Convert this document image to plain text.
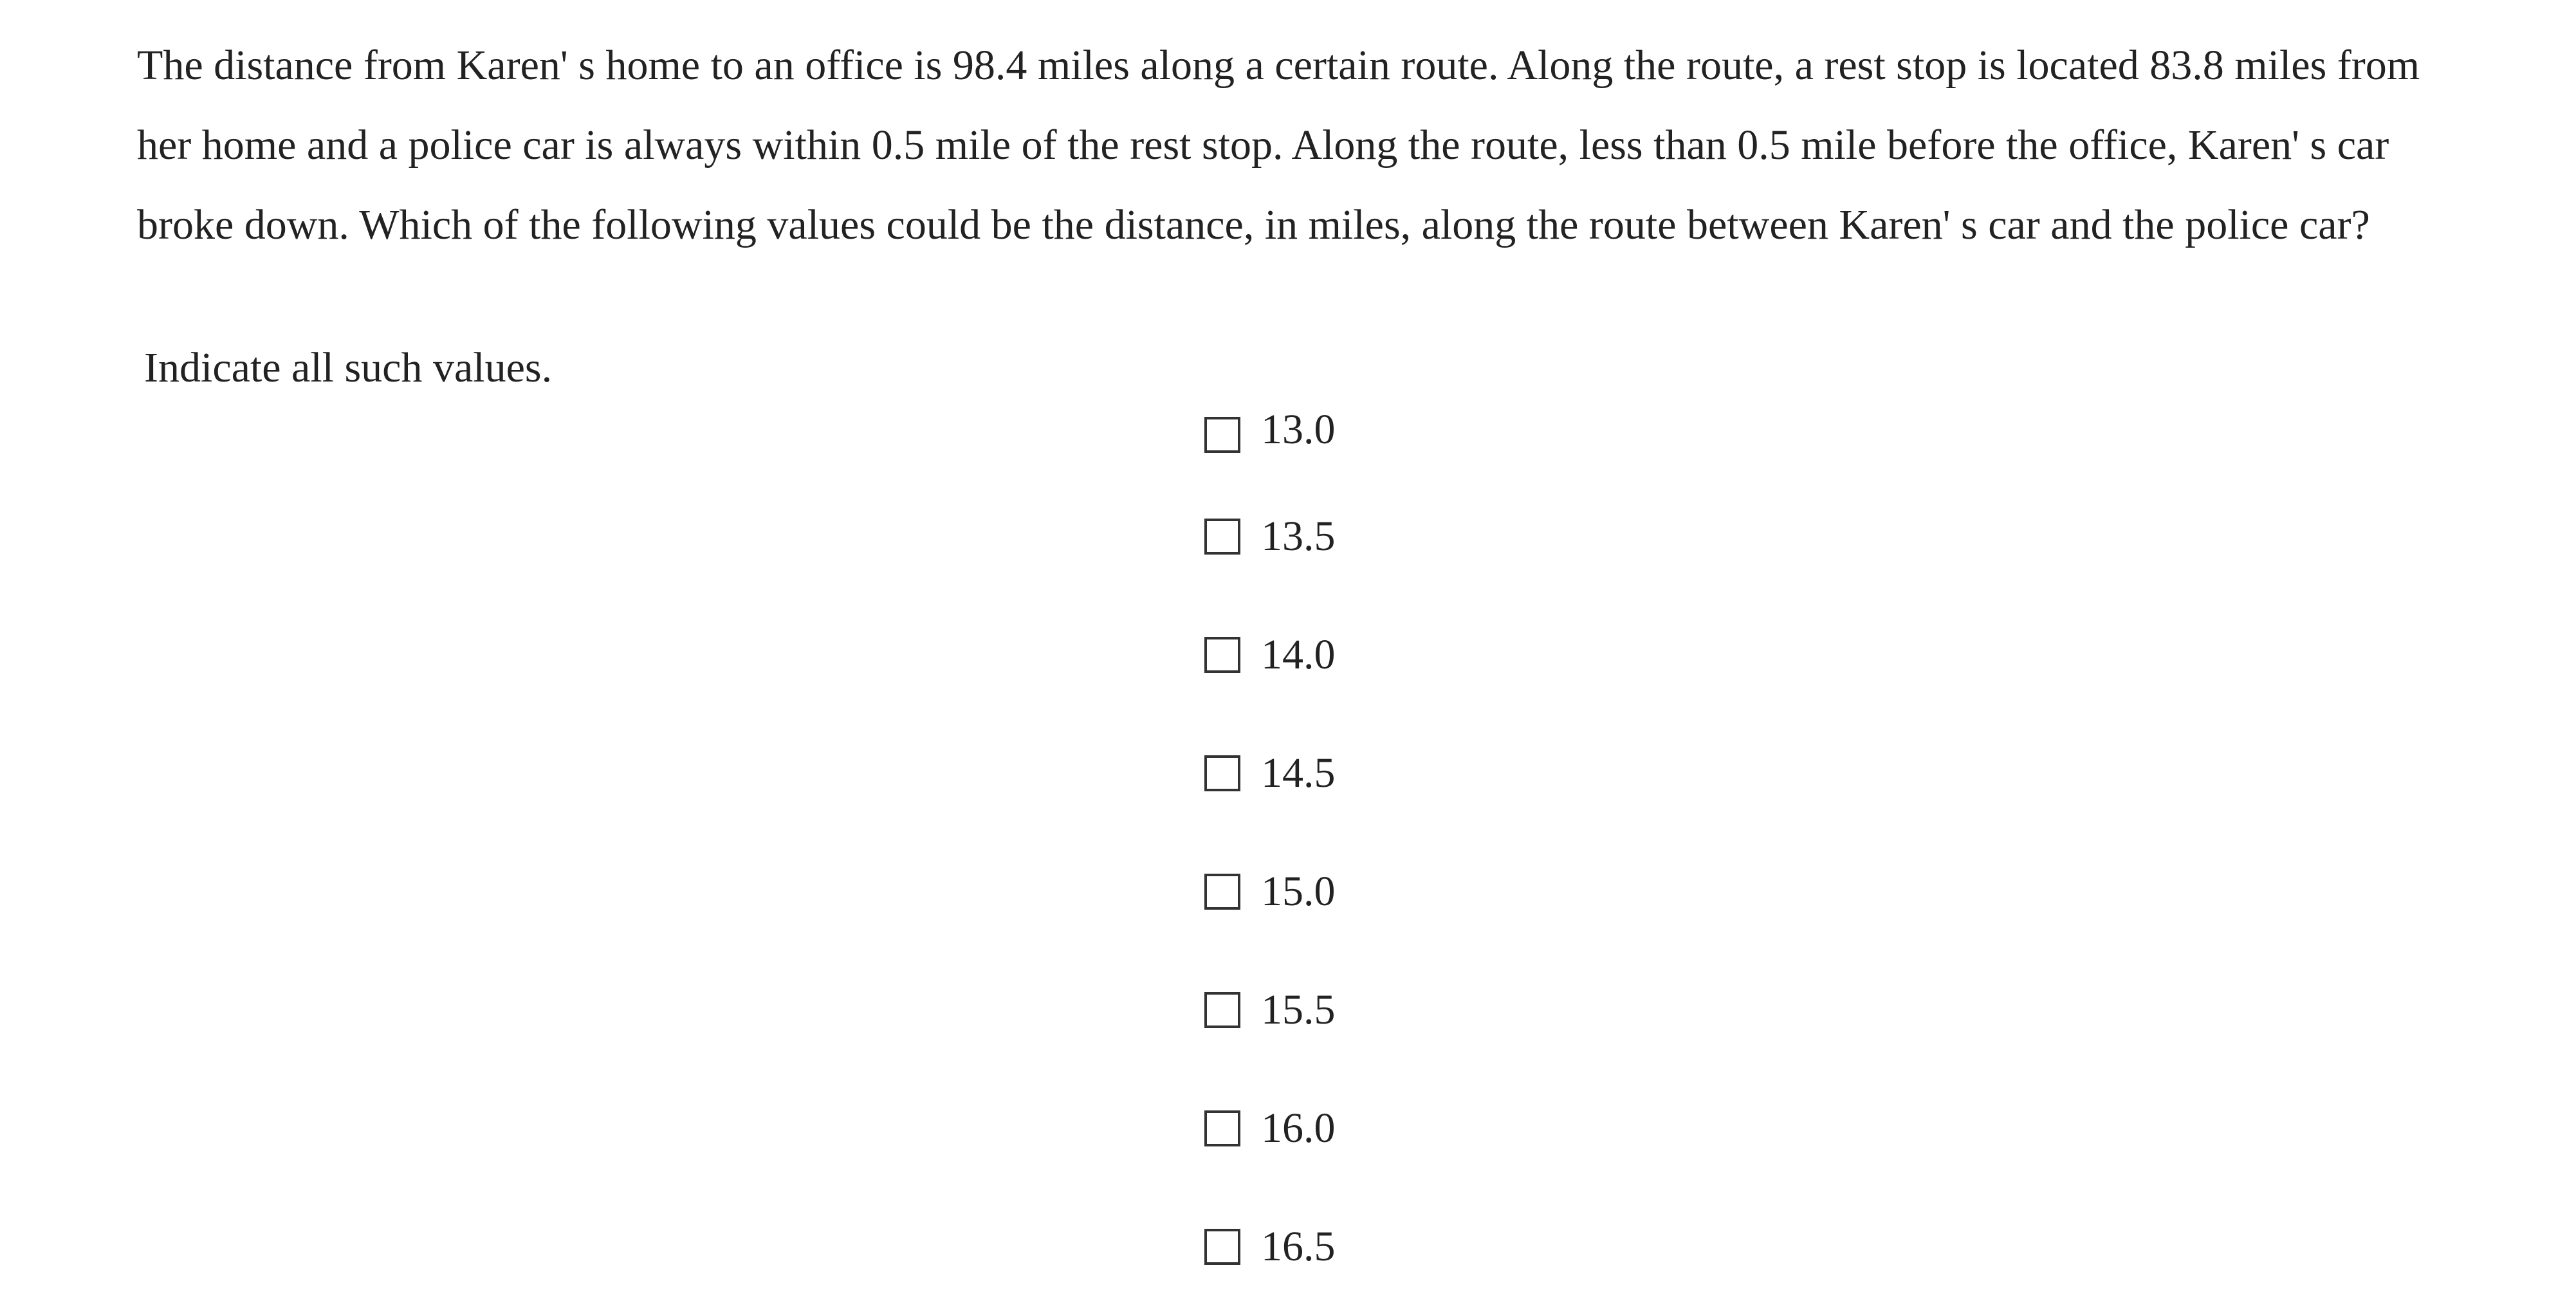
The distance from Karen' s home to an office is 98.4 miles along a certain route. Along the route, a rest stop is located 83.8 miles from her home and a police car is always within 0.5 mile of the rest stop. Along the route, less than 0.5 mile before the office, Karen' s car broke down. Which of the following values could be the distance, in miles, along the route between Karen' s car and the police car?

Indicate all such values.

13.0
13.5
14.0
14.5
15.0
15.5
16.0
16.5
